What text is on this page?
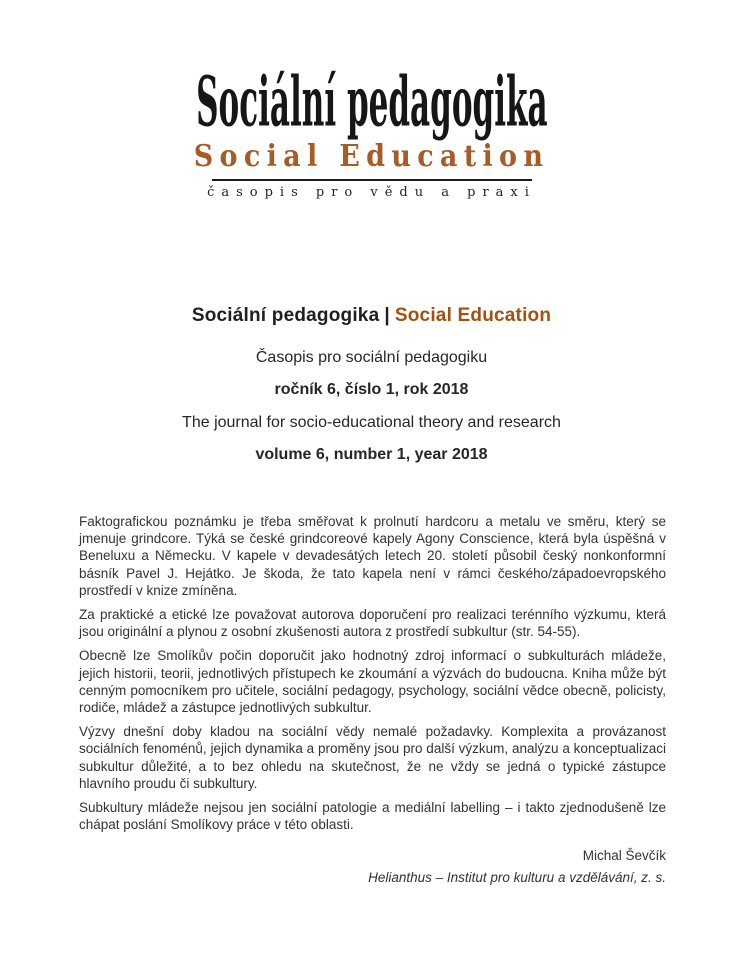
Sociální pedagogika
Social Education
časopis pro vědu a praxi
Sociální pedagogika | Social Education

Časopis pro sociální pedagogiku

ročník 6, číslo 1, rok 2018

The journal for socio-educational theory and research

volume 6, number 1, year 2018

Faktografickou poznámku je třeba směřovat k prolnutí hardcoru a metalu ve směru, který se jmenuje grindcore. Týká se české grindcoreové kapely Agony Conscience, která byla úspěšná v Beneluxu a Německu. V kapele v devadesátých letech 20. století působil český nonkonformní básník Pavel J. Hejátko. Je škoda, že tato kapela není v rámci českého/západoevropského prostředí v knize zmíněna.

Za praktické a etické lze považovat autorova doporučení pro realizaci terénního výzkumu, která jsou originální a plynou z osobní zkušenosti autora z prostředí subkultur (str. 54-55).

Obecně lze Smolíkův počin doporučit jako hodnotný zdroj informací o subkulturách mládeže, jejich historii, teorii, jednotlivých přístupech ke zkoumání a výzvách do budoucna. Kniha může být cenným pomocníkem pro učitele, sociální pedagogy, psychology, sociální vědce obecně, policisty, rodiče, mládež a zástupce jednotlivých subkultur.

Výzvy dnešní doby kladou na sociální vědy nemalé požadavky. Komplexita a provázanost sociálních fenoménů, jejich dynamika a proměny jsou pro další výzkum, analýzu a konceptualizaci subkultur důležité, a to bez ohledu na skutečnost, že ne vždy se jedná o typické zástupce hlavního proudu či subkultury.

Subkultury mládeže nejsou jen sociální patologie a mediální labelling – i takto zjednodušeně lze chápat poslání Smolíkovy práce v této oblasti.

Michal Ševčík

Helianthus – Institut pro kulturu a vzdělávání, z. s.
